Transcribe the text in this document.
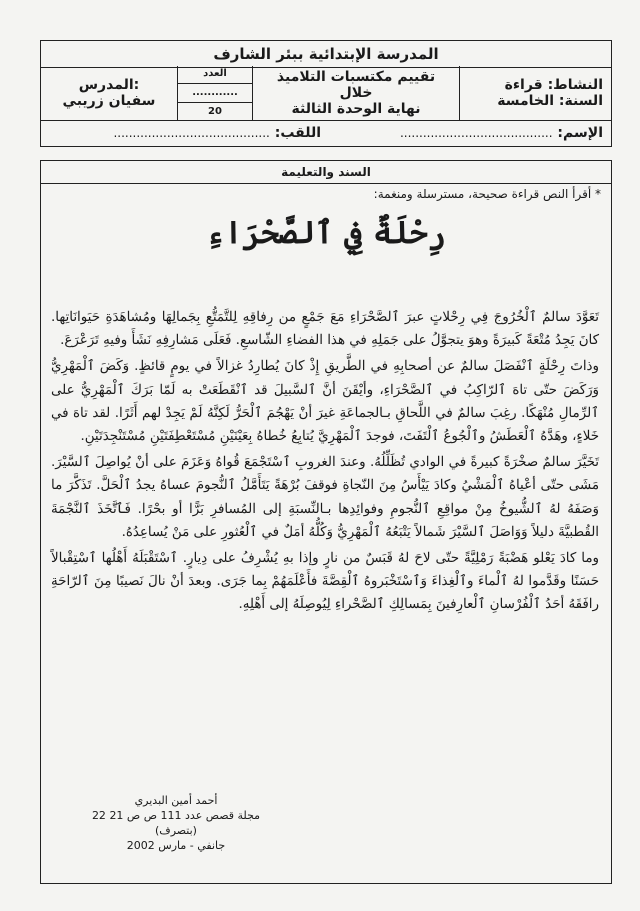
المدرسة الإبتدائية ببئر الشارف
النشاط: قراءة
السنة: الخامسة
تقييم مكتسبات التلاميذ خلال
نهاية الوحدة الثالثة
العدد
............
20
المدرس:
سفيان زريبي
الإسم: ........................................
اللقب: .........................................
السند والتعليمة
* أقرأ النص قراءة صحيحة، مسترسلة ومنغمة:
رِحْلَةٌ فِي ٱلصَّحْرَاءِ

تَعَوَّدَ سالمٌ ٱلْخُرُوجَ فِي رِحْلاتٍ عبرَ ٱلصَّحْرَاءِ مَعَ جَمْعٍ من رِفاقِهِ لِلتَّمَتُّعِ بِجَمالِهَا ومُشاهَدَةِ حَيَوانَاتِها. كانَ يَجِدُ مُتْعَةً كَبيرَةً وهوَ يتجوَّلُ على جَمَلِهِ في هذا الفضاءِ الشّاسعِ. فَعَلَى مَشارِفِهِ نَشَأَ وفيهِ تَرَعْرَعَ.

وذاتَ رِحْلَةٍ ٱنْفَصَلَ سالمٌ عن أصحابِهِ في الطَّريقِ إِذْ كانَ يُطارِدُ غزالاً في يومٍ قائظٍ. وَكَضَ ٱلْمَهْرِيُّ وَرَكَضَ حتّى تاهَ ٱلرّاكِبُ في ٱلصَّحْرَاءِ، وأيْقَنَ أنَّ ٱلسَّبيلَ قد ٱنْقَطَعَتْ به لَمّا بَرَكَ ٱلْمَهْرِيُّ على ٱلرِّمالِ مُنْهَكًا. رغِبَ سالمٌ في اللَّحاقِ بـالجماعَةِ غيرَ أنْ يَهْجُمَ ٱلْحَرُّ لَكِنَّهُ لَمْ يَجِدْ لهم أَثَرًا. لقد تاهَ في خَلاءٍ، وهَدَّهُ ٱلْعَطَشُ وٱلْجُوعُ ٱلْتَفَتَ، فوجدَ ٱلْمَهْرِيَّ يُتابِعُ خُطاهُ بِعَيْنَيْنِ مُسْتَعْطِفَتَيْنِ مُسْتَنْجِدَتَيْنِ.

تَخَيَّرَ سالمٌ صخْرَةً كبيرةً في الوادي تُظَلِّلُهُ. وعندَ الغروبِ ٱسْتَجْمَعَ قُواهُ وَعَزَمَ على أنْ يُواصِلَ ٱلسَّيْرَ. مَشَى حتّى أعْياهُ ٱلْمَشْيُ وكادَ يَيْأَسُ مِنَ النّجاةِ فوقفَ بُرْهَةً يَتَأَمَّلُ ٱلنُّجومَ عساهُ يجدُ ٱلْحَلَّ. تَذَكَّرَ ما وَصَفَهُ لهُ ٱلشُّيوخُ مِنْ مواقِعِ ٱلنُّجومِ وفوائِدِها بـالنِّسبَةِ إلى المُسافرِ بَرًّا أو بحْرًا. فَٱتَّخَذَ ٱلنَّجْمَةَ القُطبيَّةَ دليلاً وَوَاصَلَ ٱلسَّيْرَ شَمالاً يَتْبَعُهُ ٱلْمَهْرِيُّ وَكُلُّهُ أمَلٌ في ٱلْعُثورِ على مَنْ يُساعِدُهُ.

وما كادَ يَعْلو هَضْبَةً رَمْلِيَّةً حتّى لاحَ لهُ قَبَسٌ من نارٍ وإذا بهِ يُشْرِفُ على دِيارٍ. ٱسْتَقْبَلَهُ أَهْلُها ٱسْتِقْبالاً حَسَنًا وقَدَّموا لهُ ٱلْماءَ وٱلْغِذاءَ وَٱسْتَخْبَروهُ ٱلْقِصَّةَ فأَعْلَمَهُمْ بِما جَرَى. وبعدَ أنْ نالَ نَصيبًا مِنَ ٱلرّاحَةِ رافَقَهُ أحَدُ ٱلْفُرْسانِ ٱلْعارِفينَ بِمَسالِكِ ٱلصَّحْراءِ لِيُوصِلَهُ إلى أَهْلِهِ.

أحمد أمين البديري
مجلة قصص عدد 111 ص ص 21 22 (بتصرف)
جانفي - مارس 2002
